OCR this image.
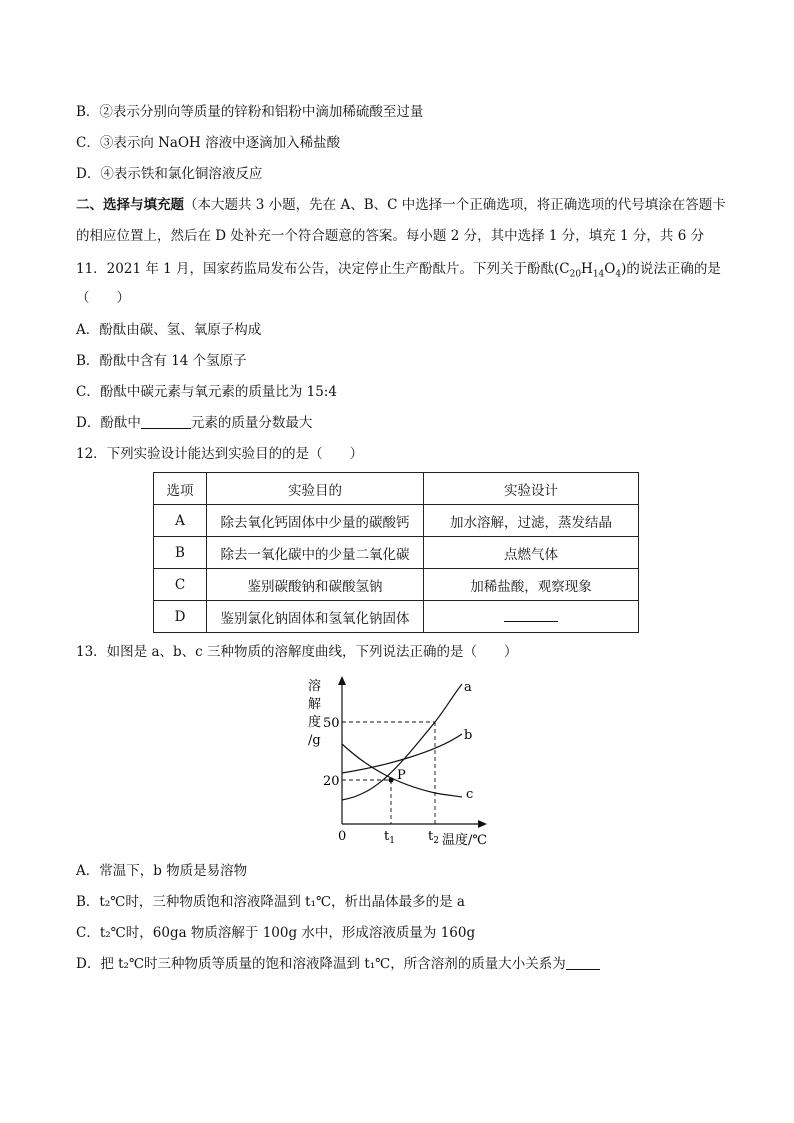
B．②表示分别向等质量的锌粉和铝粉中滴加稀硫酸至过量
C．③表示向 NaOH 溶液中逐滴加入稀盐酸
D．④表示铁和氯化铜溶液反应
二、选择与填充题（本大题共 3 小题，先在 A、B、C 中选择一个正确选项，将正确选项的代号填涂在答题卡
的相应位置上，然后在 D 处补充一个符合题意的答案。每小题 2 分，其中选择 1 分，填充 1 分，共 6 分
11．2021 年 1 月，国家药监局发布公告，决定停止生产酚酞片。下列关于酚酞$(C_{20}H_{14}O_4)$的说法正确的是
（　　）
A．酚酞由碳、氢、氧原子构成
B．酚酞中含有 14 个氢原子
C．酚酞中碳元素与氧元素的质量比为 15:4
D．酚酞中	元素的质量分数最大
12．下列实验设计能达到实验目的的是（　　）
选项	实验目的	实验设计
A	除去氧化钙固体中少量的碳酸钙	加水溶解，过滤，蒸发结晶
B	除去一氧化碳中的少量二氧化碳	点燃气体
C	鉴别碳酸钠和碳酸氢钠	加稀盐酸，观察现象
D	鉴别氯化钠固体和氢氧化钠固体	
13．如图是 a、b、c 三种物质的溶解度曲线，下列说法正确的是（　　）
溶
解
度
/g
50
20
0	$t_1$	$t_2$ 温度/℃
P
a
b
c
A．常温下，b 物质是易溶物
B．t₂℃时，三种物质饱和溶液降温到 t₁℃，析出晶体最多的是 a
C．t₂℃时，60ga 物质溶解于 100g 水中，形成溶液质量为 160g
D．把 t₂℃时三种物质等质量的饱和溶液降温到 t₁℃，所含溶剂的质量大小关系为
